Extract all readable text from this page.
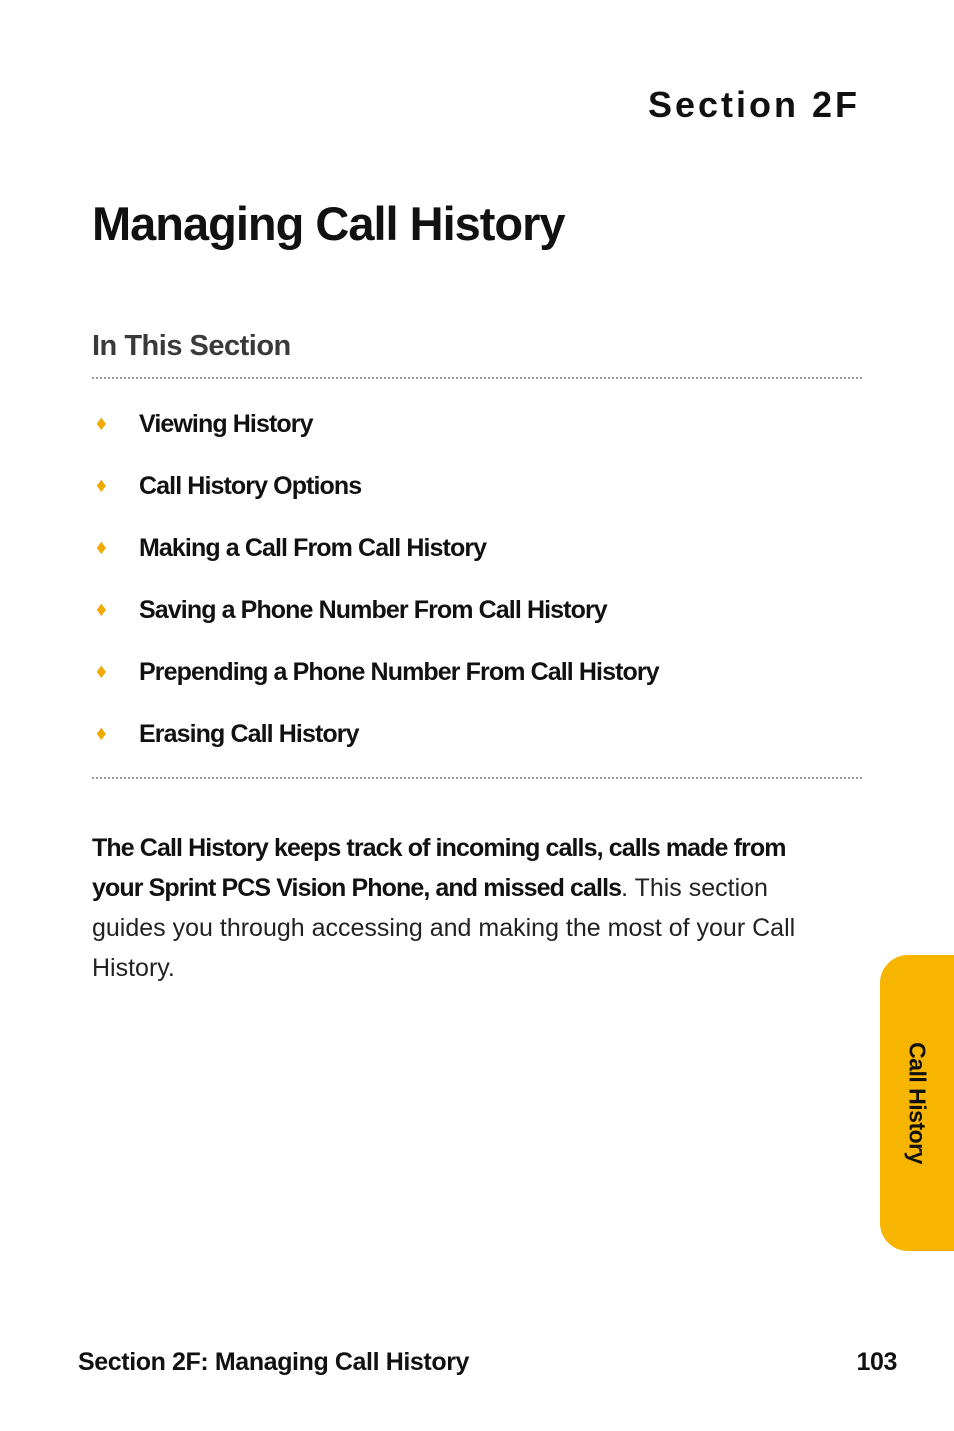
Section 2F
Managing Call History
In This Section
♦	Viewing History
♦	Call History Options
♦	Making a Call From Call History
♦	Saving a Phone Number From Call History
♦	Prepending a Phone Number From Call History
♦	Erasing Call History

The Call History keeps track of incoming calls, calls made from your Sprint PCS Vision Phone, and missed calls. This section guides you through accessing and making the most of your Call History.

Call History
Section 2F: Managing Call History	103
